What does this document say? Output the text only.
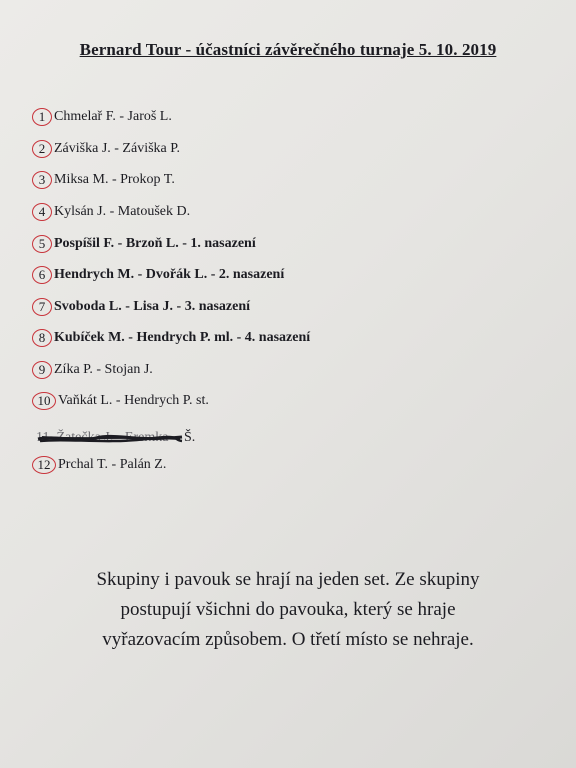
Bernard Tour - účastníci závěrečného turnaje 5. 10. 2019
11. Žatečka J. - Eremka Š.
1 Chmelař F. - Jaroš L.
2 Záviška J. - Záviška P.
3 Miksa M. - Prokop T.
4 Kylsán J. - Matoušek D.
5 Pospíšil F. - Brzoň L. - 1. nasazení
6 Hendrych M. - Dvořák L. - 2. nasazení
7 Svoboda L. - Lisa J. - 3. nasazení
8 Kubíček M. - Hendrych P. ml. - 4. nasazení
9 Zíka P. - Stojan J.
10 Vaňkát L. - Hendrych P. st.
12 Prchal T. - Palán Z.
Skupiny i pavouk se hrají na jeden set. Ze skupiny
postupují všichni do pavouka, který se hraje
vyřazovacím způsobem. O třetí místo se nehraje.
